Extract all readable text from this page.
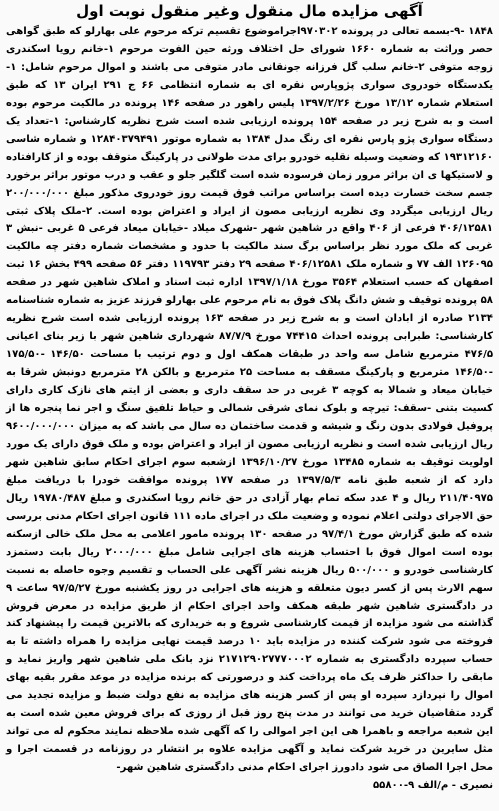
آگهی مزایده مال منقول وغیر منقول نوبت اول

۱۸۴۸ -۹-بسمه تعالی در پرونده ۹۷۰۳۰۲اجراموضوع تقسیم ترکه مرحوم علی بهارلو که طبق گواهی حصر وراثت به شماره ۱۶۶۰ شورای حل اختلاف ورثه حین الفوت مرحوم ۱-خانم رویا اسکندری زوجه متوفی ۲-خانم سلب گل فرزانه جونقانی مادر متوفی می باشند و اموال مرحوم شامل: ۱-یکدستگاه خودروی سواری پژوپارس نقره ای به شماره انتظامی ۶۶ ج ۲۹۱ ایران ۱۳ که طبق استعلام شماره ۱۳/۱۲ مورخ ۱۳۹۷/۲/۲۶ پلیس راهور در صفحه ۱۴۶ پرونده در مالکیت مرحوم بوده است و به شرح زیر در صفحه ۱۵۴ پرونده ارزیابی شده است شرح نظریه کارشناس: ۱-تعداد یک دستگاه سواری پژو پارس نقره ای رنگ مدل ۱۳۸۴ به شماره موتور ۱۲۸۴۰۳۷۹۴۹۱ و شماره شاسی ۱۹۳۱۲۱۶۰ که وضعیت وسیله نقلیه خودرو برای مدت طولانی در پارکینگ متوقف بوده و از کارافتاده و لاستیکها ی ان براثر مرور زمان فرسوده شده است گلگیر جلو و عقب و درب موتور براثر برخورد جسم سخت خسارت دیده است براساس مراتب فوق قیمت روز خودروی مذکور مبلغ ۲۰۰/۰۰۰/۰۰۰ ریال ارزیابی میگردد وی نظریه ارزیابی مصون از ایراد و اعتراض بوده است. ۲-ملک پلاک ثبتی ۴۰۶/۱۲۵۸۱ فرعی از ۴۰۶ واقع در شاهین شهر -شهرک میلاد -خیابان میعاد فرعی ۵ غربی -نبش ۳ غربی که ملک مورد نظر براساس برگ سند مالکیت با حدود و مشخصات شماره دفتر چه مالکیت ۱۲۶۰۹۵ الف ۷۷ و شماره ملک ۴۰۶/۱۲۵۸۱ صفحه ۲۹ دفتر ۱۱۹۷۹۳ دفتر ۵۶ صفحه ۴۹۹ بخش ۱۶ ثبت اصفهان که حسب استعلام ۳۵۶۴ مورخ ۱۳۹۷/۱/۱۸ اداره ثبت اسناد و املاک شاهین شهر در صفحه ۵۸ پرونده توقیف و شش دانگ پلاک فوق به نام مرحوم علی بهارلو فرزند عزیز به شماره شناسنامه ۲۱۳۴ صادره از ابادان است و به شرح زیر در صفحه ۱۶۳ پرونده ارزیابی شده است شرح نظریه کارشناسی: طبرابی پرونده احداث ۷۴۴۱۵ مورخ ۸۷/۷/۹ شهرداری شاهین شهر با زیر بنای اعیانی ۴۷۶/۵ مترمربع شامل سه واحد در طبقات همکف اول و دوم ترتیب با مساحت ۱۴۶/۵۰ -۱۷۵/۵۰ -۱۴۶/۵۰ مترمربع و پارکینگ مسقف به مساحت ۲۵ مترمربع و بالکن ۲۸ مترمربع دونبش شرقا به خیابان میعاد و شمالا به کوچه ۳ غربی در حد سقف داری و بعضی از ایتم های نازک کاری دارای کسیت بتنی -سقف: تیرچه و بلوک نمای شرقی شمالی و حیاط تلفیق سنگ و اجر نما پنجره ها از پروفیل فولادی بدون رنگ و شیشه و قدمت ساختمان ده سال می باشد که به میزان ۹۶۰۰/۰۰۰/۰۰۰ ریال ارزیابی شده است و نظریه ارزیابی مصون از ایراد و اعتراض بوده و ملک فوق دارای یک مورد اولویت توقیف به شماره ۱۳۴۸۵ مورخ ۱۳۹۶/۱۰/۲۷ ازشعبه سوم اجرای احکام سابق شاهین شهر دارد که از شعبه طبق نامه ۱۳۹۷/۵/۳ در صفحه ۱۷۷ پرونده موافقت خودرا با دریافت مبلغ ۲۱۱/۴۰۹۷۵ ریال و ۴ عدد سکه تمام بهار آزادی در حق خانم رویا اسکندری و مبلغ ۱۹۷۸۰/۴۸۷ ریال حق الاجرای دولتی اعلام نموده و وضعیت ملک در اجرای ماده ۱۱۱ قانون اجرای احکام مدنی بررسی شده که طبق گزارش مورخ ۹۷/۴/۱ در صفحه ۱۳۰ پرونده مامور اعلامی به محل ملک خالی ازسکنه بوده است اموال فوق با احتساب هزینه های اجرایی شامل مبلغ ۲۰۰۰/۰۰۰ ریال بابت دستمزد کارشناسی خودرو و ۵۰۰/۰۰۰ ریال هزینه نشر آگهی علی الحساب و تقسیم وجوه حاصله به نسبت سهم الارث پس از کسر دیون متعلقه و هزینه های اجرایی در روز یکشنبه مورخ ۹۷/۵/۲۷ ساعت ۹ در دادگستری شاهین شهر طبقه همکف واحد اجرای احکام از طریق مزایده در معرض فروش گذاشته می شود مزایده از قیمت کارشناسی شروع و به خریداری که بالاترین قیمت را پیشنهاد کند فروخته می شود شرکت کننده در مزایده باید ۱۰ درصد قیمت نهایی مزایده را همراه داشته تا به حساب سپرده دادگستری به شماره ۲۱۷۱۲۹۰۲۷۷۷۰۰۰۲ نزد بانک ملی شاهین شهر واریز نماید و مابقی را حداکثر ظرف یک ماه پرداخت کند و درصورتی که برنده مزایده در موعد مقرر بقیه بهای اموال را نپردازد سپرده او پس از کسر هزینه های مزایده به نفع دولت ضبط و مزایده تجدید می گردد متقاضیان خرید می توانند در مدت پنج روز قبل از روزی که برای فروش معین شده است به این شعبه مراجعه و باهمرا هی این اجر اموالی را که آگهی شده ملاحظه نمایند محکوم له می تواند مثل سایرین در خرید شرکت نماید و آگهی مزایده علاوه بر انتشار در روزنامه در قسمت اجرا و محل اجرا الصاق می شود دادورز اجرای احکام مدنی دادگستری شاهین شهر-

نصیری - م/الف ۹-۵۵۸۰۰
